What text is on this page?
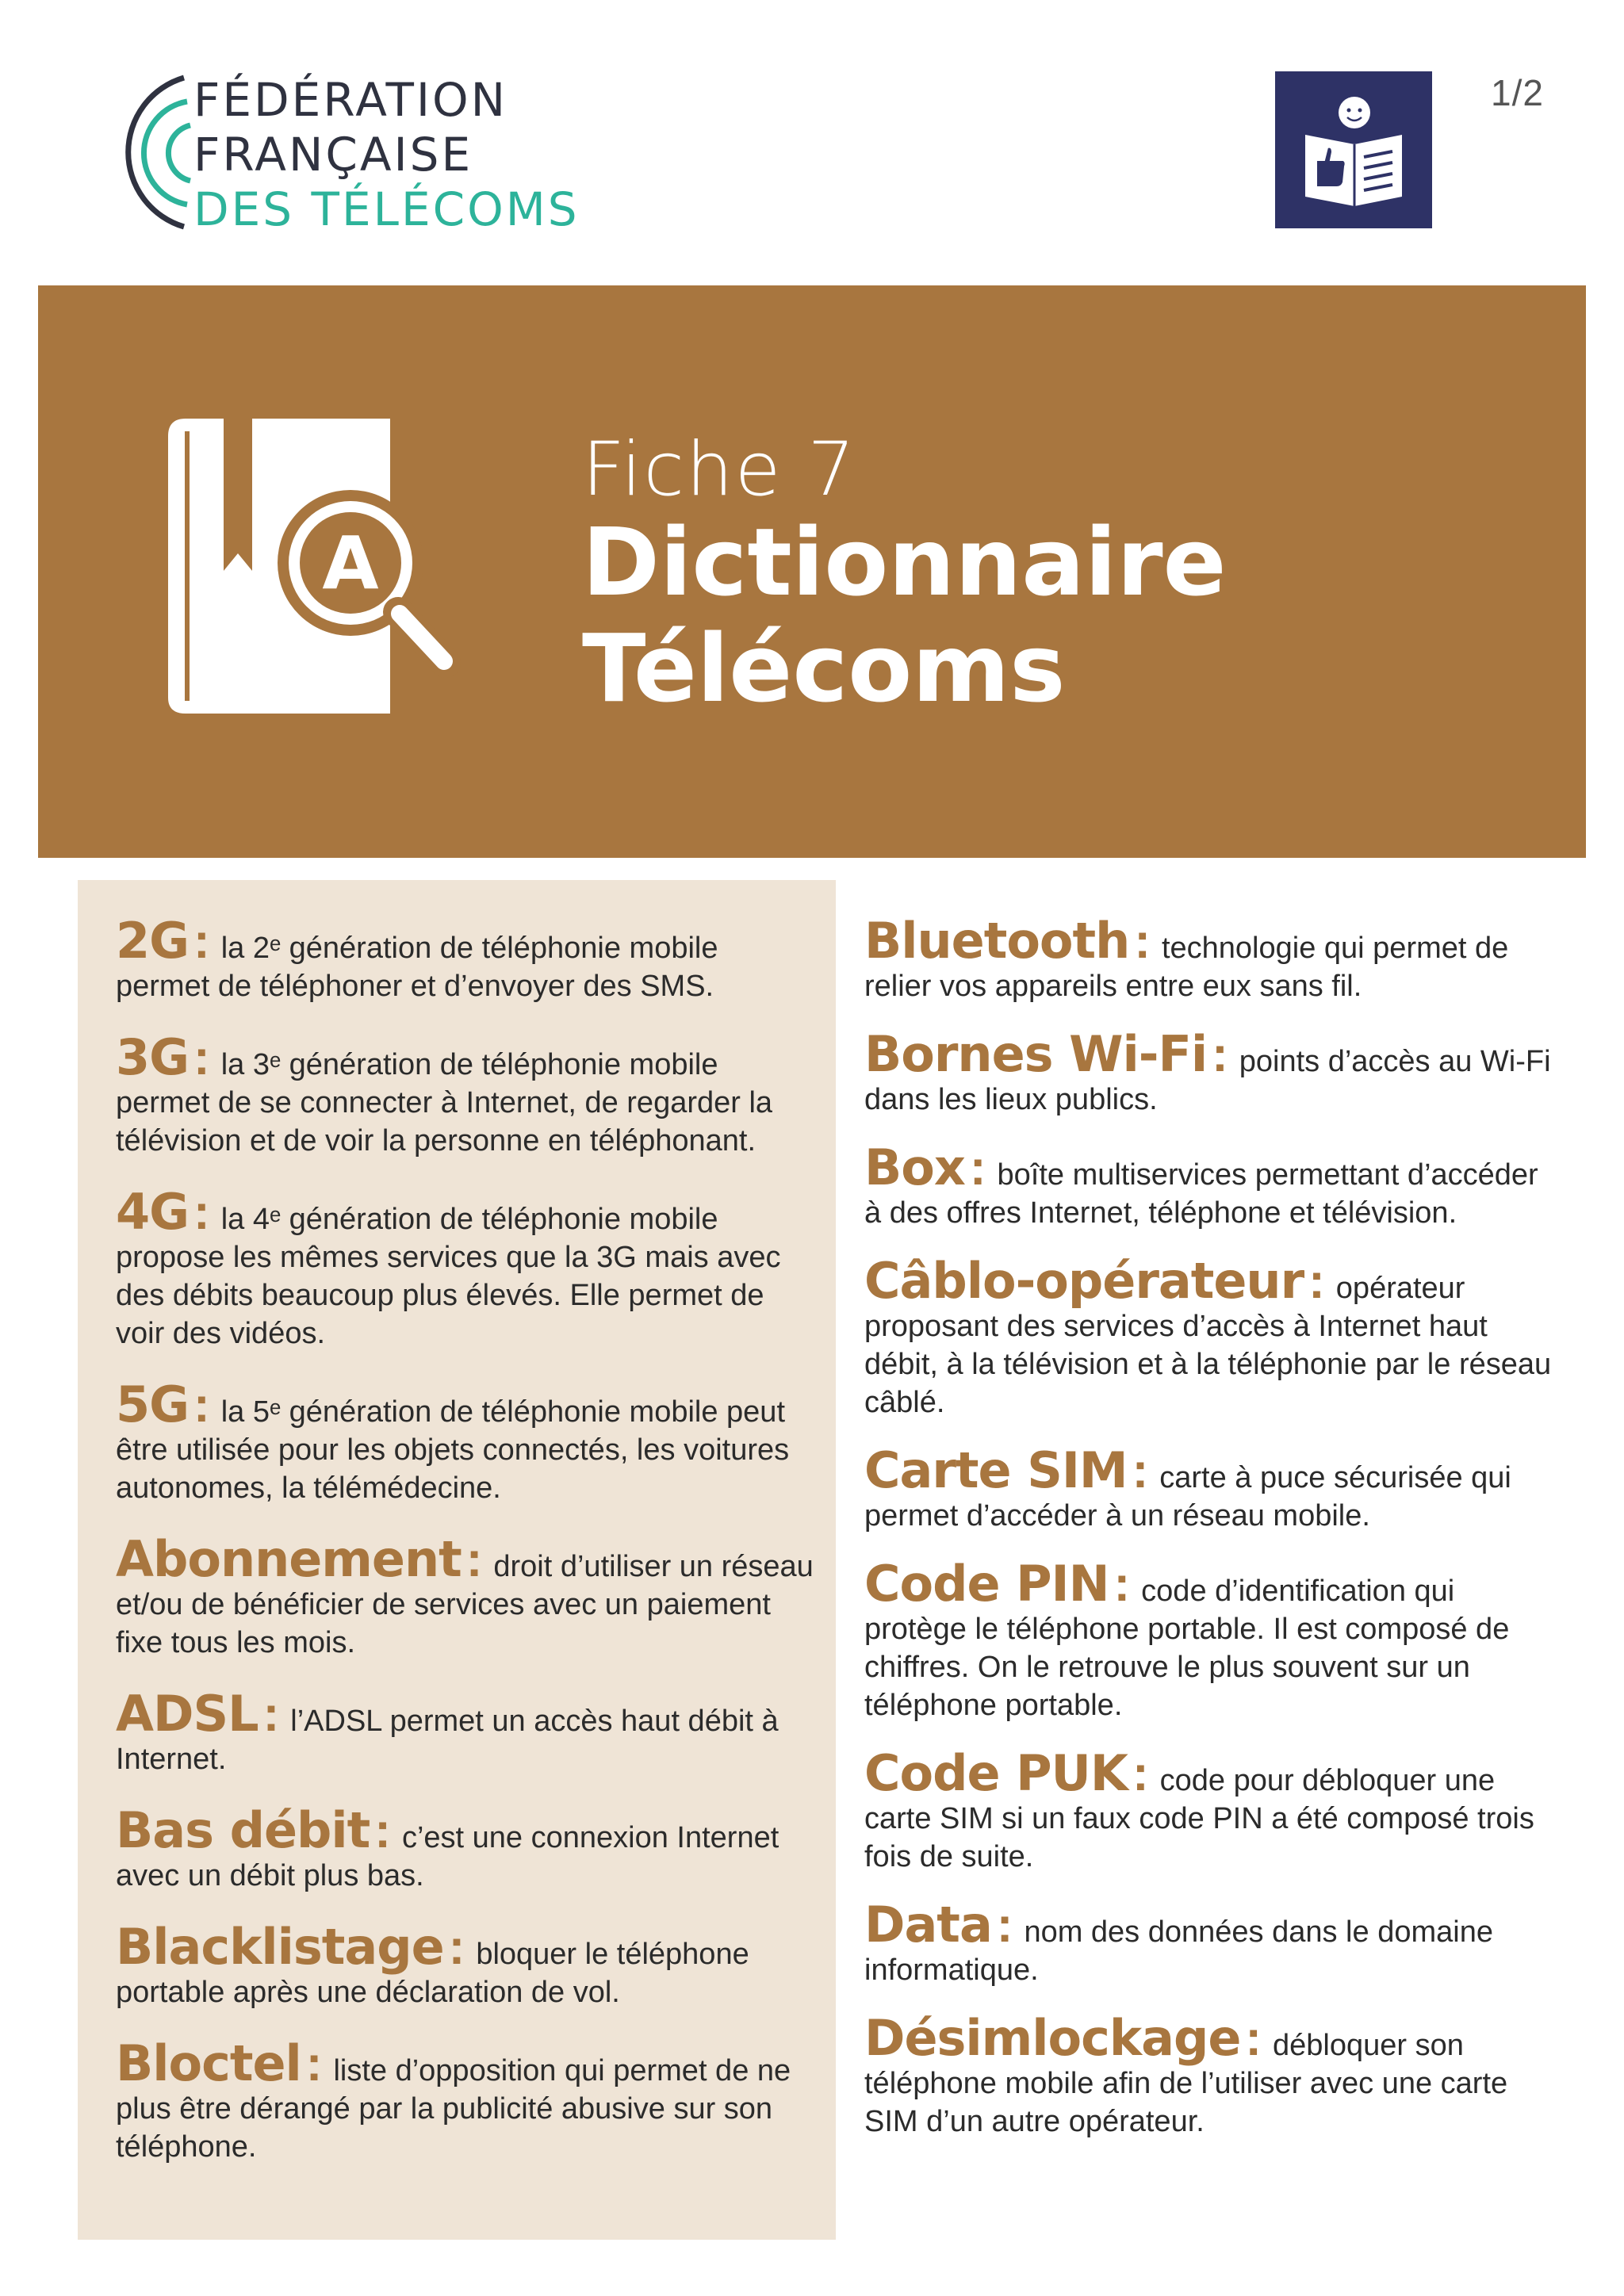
FÉDÉRATION
FRANÇAISE
DES TÉLÉCOMS
1/2
A
Fiche 7
Dictionnaire
Télécoms
2G: la 2ᵉ génération de téléphonie mobile permet de téléphoner et d’envoyer des SMS.
3G: la 3ᵉ génération de téléphonie mobile permet de se connecter à Internet, de regarder la télévision et de voir la personne en téléphonant.
4G: la 4ᵉ génération de téléphonie mobile propose les mêmes services que la 3G mais avec des débits beaucoup plus élevés. Elle permet de voir des vidéos.
5G: la 5ᵉ génération de téléphonie mobile peut être utilisée pour les objets connectés, les voitures autonomes, la télémédecine.
Abonnement: droit d’utiliser un réseau et/ou de bénéficier de services avec un paiement fixe tous les mois.
ADSL: l’ADSL permet un accès haut débit à Internet.
Bas débit: c’est une connexion Internet avec un débit plus bas.
Blacklistage: bloquer le téléphone portable après une déclaration de vol.
Bloctel: liste d’opposition qui permet de ne plus être dérangé par la publicité abusive sur son téléphone.
Bluetooth: technologie qui permet de relier vos appareils entre eux sans fil.
Bornes Wi-Fi: points d’accès au Wi-Fi dans les lieux publics.
Box: boîte multiservices permettant d’accéder à des offres Internet, téléphone et télévision.
Câblo-opérateur: opérateur proposant des services d’accès à Internet haut débit, à la télévision et à la téléphonie par le réseau câblé.
Carte SIM: carte à puce sécurisée qui permet d’accéder à un réseau mobile.
Code PIN: code d’identification qui protège le téléphone portable. Il est composé de chiffres. On le retrouve le plus souvent sur un téléphone portable.
Code PUK: code pour débloquer une carte SIM si un faux code PIN a été composé trois fois de suite.
Data: nom des données dans le domaine informatique.
Désimlockage: débloquer son téléphone mobile afin de l’utiliser avec une carte SIM d’un autre opérateur.
